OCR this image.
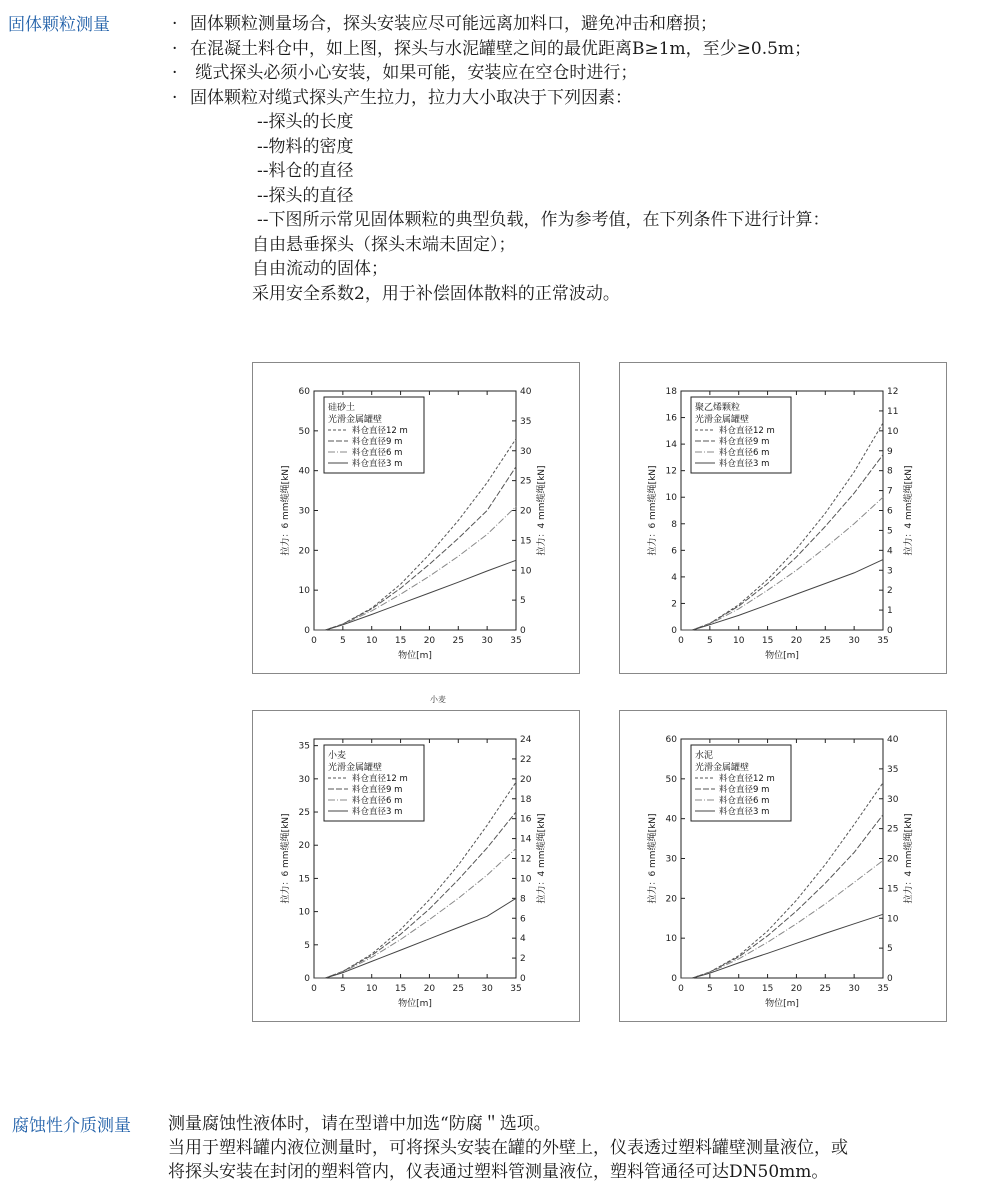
固体颗粒测量	· 固体颗粒测量场合，探头安装应尽可能远离加料口，避免冲击和磨损；
· 在混凝土料仓中，如上图，探头与水泥罐壁之间的最优距离B≥1m，至少≥0.5m；
· 缆式探头必须小心安装，如果可能，安装应在空仓时进行；
· 固体颗粒对缆式探头产生拉力，拉力大小取决于下列因素：
--探头的长度
--物料的密度
--料仓的直径
--探头的直径
--下图所示常见固体颗粒的典型负载，作为参考值，在下列条件下进行计算：
自由悬垂探头（探头末端未固定）；
自由流动的固体；
采用安全系数2，用于补偿固体散料的正常波动。
0	5 10 15 20 25 30 35
0
10
20
30
40
50
60
0
5
10
15
20
25
30
35
40
物位[m]
拉力：6 mm缆绳[kN]	拉力：4 mm缆绳[kN]
硅砂土
光滑金属罐壁
料仓直径12 m
料仓直径9 m
料仓直径6 m
料仓直径3 m
0	5 10 15 20 25 30 35
0
2
4
6
8
10
12
14
16
18
0
1
2
3
4
5
6
7
8
9
10
11
12
物位[m]
拉力：6 mm缆绳[kN]	拉力：4 mm缆绳[kN]
聚乙烯颗粒
光滑金属罐壁
料仓直径12 m
料仓直径9 m
料仓直径6 m
料仓直径3 m
小麦
0	5 10 15 20 25 30 35
0
5
10
15
20
25
30
35
0
2
4
6
8
10
12
14
16
18
20
22
24
物位[m]
拉力：6 mm缆绳[kN]	拉力：4 mm缆绳[kN]
小麦
光滑金属罐壁
料仓直径12 m
料仓直径9 m
料仓直径6 m
料仓直径3 m
0	5 10 15 20 25 30 35
0
10
20
30
40
50
60
0
5
10
15
20
25
30
35
40
物位[m]
拉力：6 mm缆绳[kN]	拉力：4 mm缆绳[kN]
水泥
光滑金属罐壁
料仓直径12 m
料仓直径9 m
料仓直径6 m
料仓直径3 m
腐蚀性介质测量 测量腐蚀性液体时，请在型谱中加选“防腐＂选项。
当用于塑料罐内液位测量时，可将探头安装在罐的外壁上，仪表透过塑料罐壁测量液位，或
将探头安装在封闭的塑料管内，仪表通过塑料管测量液位，塑料管通径可达DN50mm。
